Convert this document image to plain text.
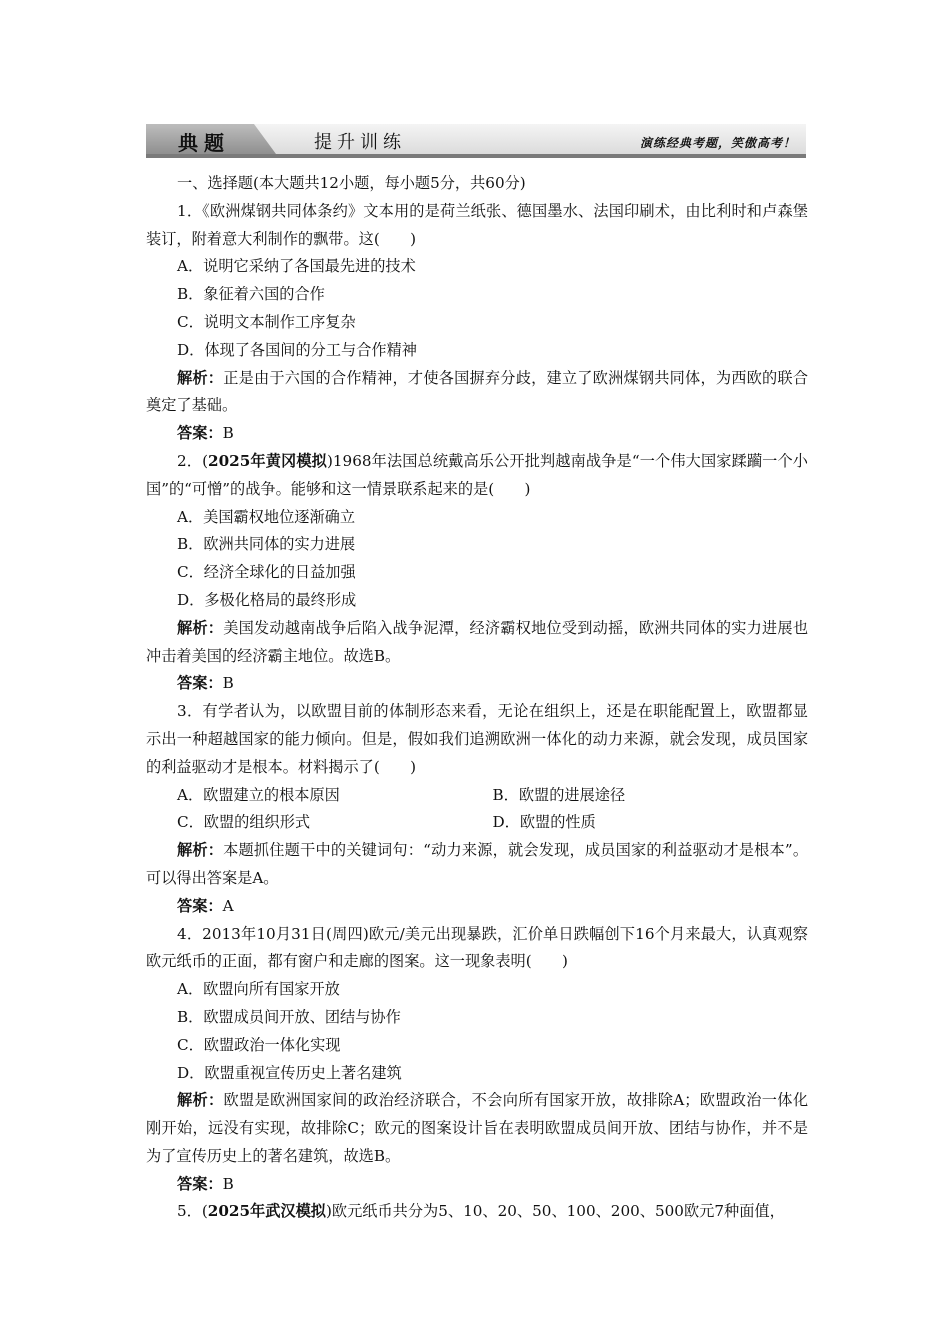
典题	提升训练	演练经典考题，笑傲高考！

一、选择题(本大题共12小题，每小题5分，共60分)

1．《欧洲煤钢共同体条约》文本用的是荷兰纸张、德国墨水、法国印刷术，由比利时和卢森堡装订，附着意大利制作的飘带。这(　　)

A．说明它采纳了各国最先进的技术

B．象征着六国的合作

C．说明文本制作工序复杂

D．体现了各国间的分工与合作精神

解析：正是由于六国的合作精神，才使各国摒弃分歧，建立了欧洲煤钢共同体，为西欧的联合奠定了基础。

答案：B

2．(2025年黄冈模拟)1968年法国总统戴高乐公开批判越南战争是“一个伟大国家蹂躏一个小国”的“可憎”的战争。能够和这一情景联系起来的是(　　)

A．美国霸权地位逐渐确立

B．欧洲共同体的实力进展

C．经济全球化的日益加强

D．多极化格局的最终形成

解析：美国发动越南战争后陷入战争泥潭，经济霸权地位受到动摇，欧洲共同体的实力进展也冲击着美国的经济霸主地位。故选B。

答案：B

3．有学者认为，以欧盟目前的体制形态来看，无论在组织上，还是在职能配置上，欧盟都显示出一种超越国家的能力倾向。但是，假如我们追溯欧洲一体化的动力来源，就会发现，成员国家的利益驱动才是根本。材料揭示了(　　)

A．欧盟建立的根本原因	B．欧盟的进展途径
C．欧盟的组织形式	D．欧盟的性质

解析：本题抓住题干中的关键词句：“动力来源，就会发现，成员国家的利益驱动才是根本”。可以得出答案是A。

答案：A

4．2013年10月31日(周四)欧元/美元出现暴跌，汇价单日跌幅创下16个月来最大，认真观察欧元纸币的正面，都有窗户和走廊的图案。这一现象表明(　　)

A．欧盟向所有国家开放

B．欧盟成员间开放、团结与协作

C．欧盟政治一体化实现

D．欧盟重视宣传历史上著名建筑

解析：欧盟是欧洲国家间的政治经济联合，不会向所有国家开放，故排除A；欧盟政治一体化刚开始，远没有实现，故排除C；欧元的图案设计旨在表明欧盟成员间开放、团结与协作，并不是为了宣传历史上的著名建筑，故选B。

答案：B

5．(2025年武汉模拟)欧元纸币共分为5、10、20、50、100、200、500欧元7种面值，
